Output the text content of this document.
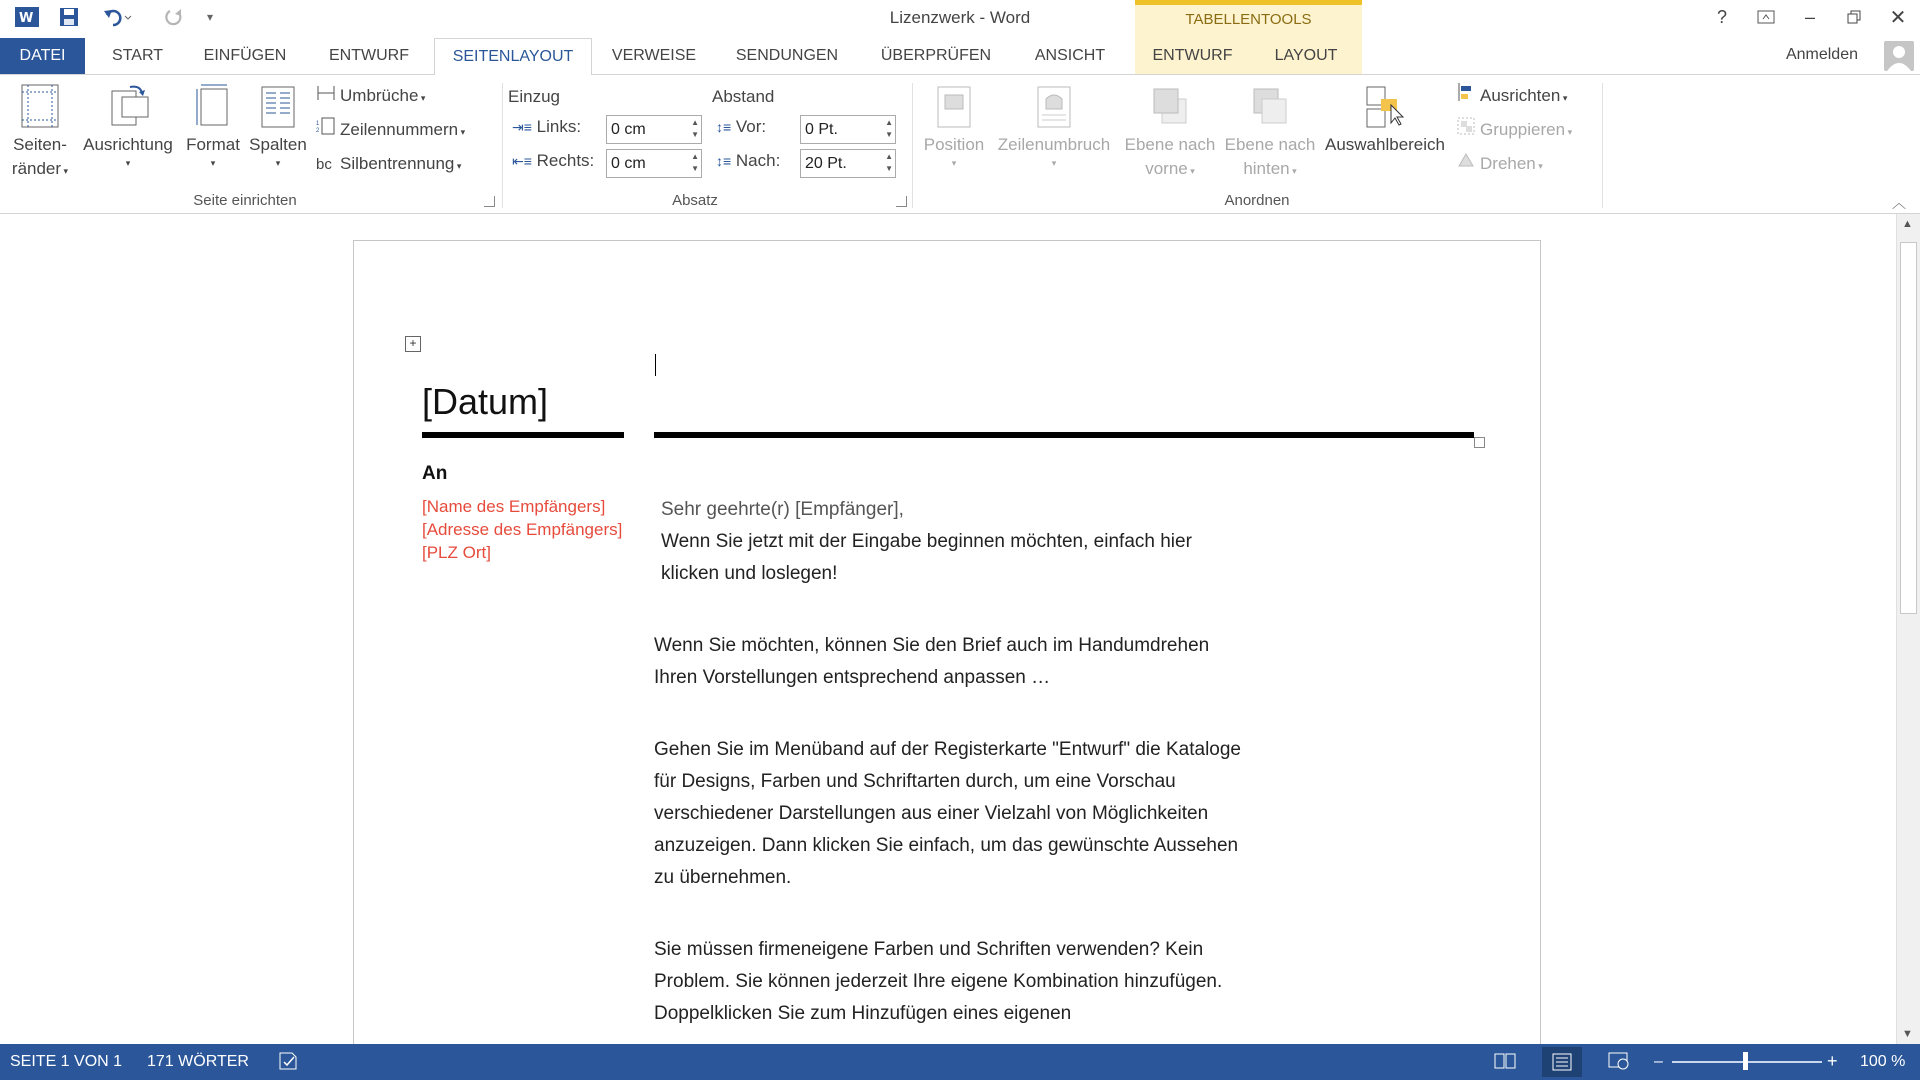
W	▾	Lizenzwerk - Word	TABELLENTOOLS	?	–	✕
DATEI	START	EINFÜGEN	ENTWURF	SEITENLAYOUT	VERWEISE	SENDUNGEN	ÜBERPRÜFEN	ANSICHT	ENTWURF	LAYOUT	Anmelden
Seiten-
ränder ▾
Ausrichtung
▾
Format
▾
Spalten
▾
Umbrüche ▾
1
2 Zeilennummern ▾
bc Silbentrennung ▾
Seite einrichten
Einzug	Abstand
⇥≡ Links:	0 cm	▲
▼
⇤≡ Rechts:	0 cm	▲
▼
↕≡ Vor:	0 Pt.	▲
▼
↕≡ Nach:	20 Pt.	▲
▼
Absatz
Position
▾
Zeilenumbruch
▾
Ebene nach
vorne ▾
Ebene nach
hinten ▾
Auswahlbereich
Ausrichten ▾
Gruppieren ▾
Drehen ▾
Anordnen	︿
+
[Datum]
An
[Name des Empfängers]
[Adresse des Empfängers]
[PLZ Ort]
Sehr geehrte(r) [Empfänger],

Wenn Sie jetzt mit der Eingabe beginnen möchten, einfach hier klicken und loslegen!

Wenn Sie möchten, können Sie den Brief auch im Handumdrehen Ihren Vorstellungen entsprechend anpassen …

Gehen Sie im Menüband auf der Registerkarte "Entwurf" die Kataloge für Designs, Farben und Schriftarten durch, um eine Vorschau verschiedener Darstellungen aus einer Vielzahl von Möglichkeiten anzuzeigen. Dann klicken Sie einfach, um das gewünschte Aussehen zu übernehmen.

Sie müssen firmeneigene Farben und Schriften verwenden? Kein Problem. Sie können jederzeit Ihre eigene Kombination hinzufügen. Doppelklicken Sie zum Hinzufügen eines eigenen

▲
▼
SEITE 1 VON 1 171 WÖRTER	–	+ 100 %
